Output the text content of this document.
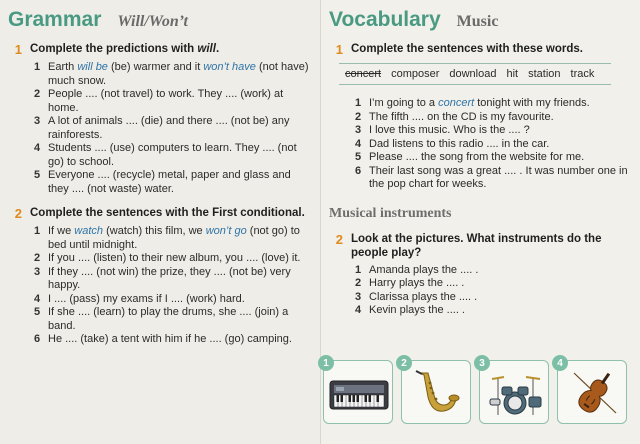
Grammar Will/Won’t
1 Complete the predictions with will.
1 Earth will be (be) warmer and it won’t have (not have) much snow.
2 People .... (not travel) to work. They .... (work) at home.
3 A lot of animals .... (die) and there .... (not be) any rainforests.
4 Students .... (use) computers to learn. They .... (not go) to school.
5 Everyone .... (recycle) metal, paper and glass and they .... (not waste) water.
2 Complete the sentences with the First conditional.
1 If we watch (watch) this film, we won’t go (not go) to bed until midnight.
2 If you .... (listen) to their new album, you .... (love) it.
3 If they .... (not win) the prize, they .... (not be) very happy.
4 I .... (pass) my exams if I .... (work) hard.
5 If she .... (learn) to play the drums, she .... (join) a band.
6 He .... (take) a tent with him if he .... (go) camping.
Vocabulary Music
1 Complete the sentences with these words.
concert composer download hit station track
1 I’m going to a concert tonight with my friends.
2 The fifth .... on the CD is my favourite.
3 I love this music. Who is the .... ?
4 Dad listens to this radio .... in the car.
5 Please .... the song from the website for me.
6 Their last song was a great .... . It was number one in the pop chart for weeks.
Musical instruments
2 Look at the pictures. What instruments do the people play?
1 Amanda plays the .... .
2 Harry plays the .... .
3 Clarissa plays the .... .
4 Kevin plays the .... .
1	2	3	4
